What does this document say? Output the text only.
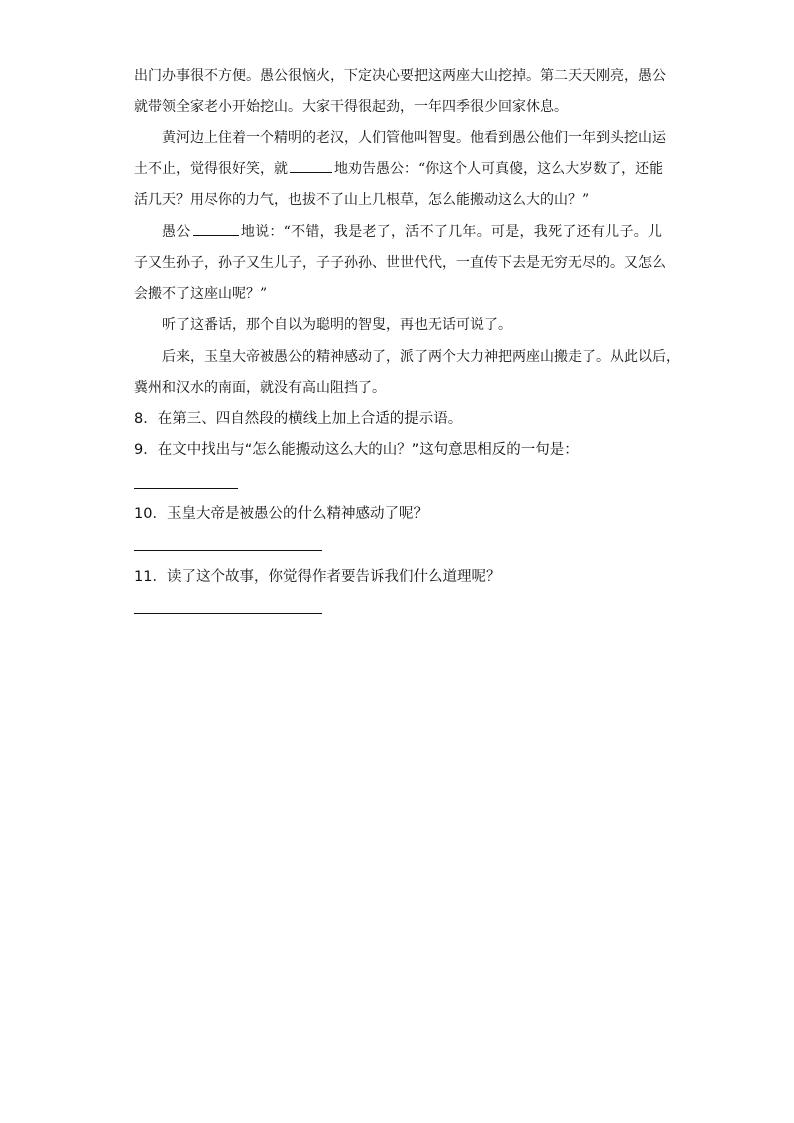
出门办事很不方便。愚公很恼火，下定决心要把这两座大山挖掉。第二天天刚亮，愚公
就带领全家老小开始挖山。大家干得很起劲，一年四季很少回家休息。
黄河边上住着一个精明的老汉，人们管他叫智叟。他看到愚公他们一年到头挖山运
土不止，觉得很好笑，就	地劝告愚公：“你这个人可真傻，这么大岁数了，还能
活几天？用尽你的力气，也拔不了山上几根草，怎么能搬动这么大的山？”
愚公	地说：“不错，我是老了，活不了几年。可是，我死了还有儿子。儿
子又生孙子，孙子又生儿子，子子孙孙、世世代代，一直传下去是无穷无尽的。又怎么
会搬不了这座山呢？”
听了这番话，那个自以为聪明的智叟，再也无话可说了。
后来，玉皇大帝被愚公的精神感动了，派了两个大力神把两座山搬走了。从此以后，
冀州和汉水的南面，就没有高山阻挡了。
8．在第三、四自然段的横线上加上合适的提示语。
9．在文中找出与“怎么能搬动这么大的山？”这句意思相反的一句是：
10．玉皇大帝是被愚公的什么精神感动了呢？
11．读了这个故事，你觉得作者要告诉我们什么道理呢？
